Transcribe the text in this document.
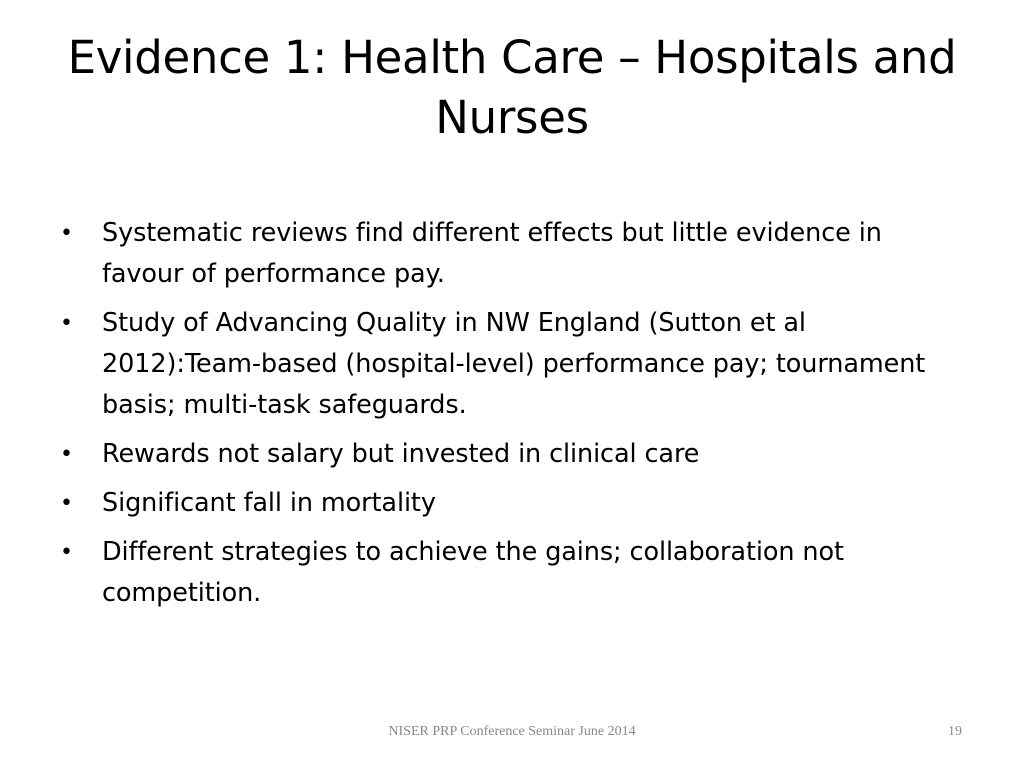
Evidence 1: Health Care – Hospitals and Nurses
• Systematic reviews find different effects but little evidence in favour of performance pay.
• Study of Advancing Quality in NW England (Sutton et al 2012):Team-based (hospital-level) performance pay; tournament basis; multi-task safeguards.
• Rewards not salary but invested in clinical care
• Significant fall in mortality
• Different strategies to achieve the gains; collaboration not competition.
NISER PRP Conference Seminar June 2014	19
